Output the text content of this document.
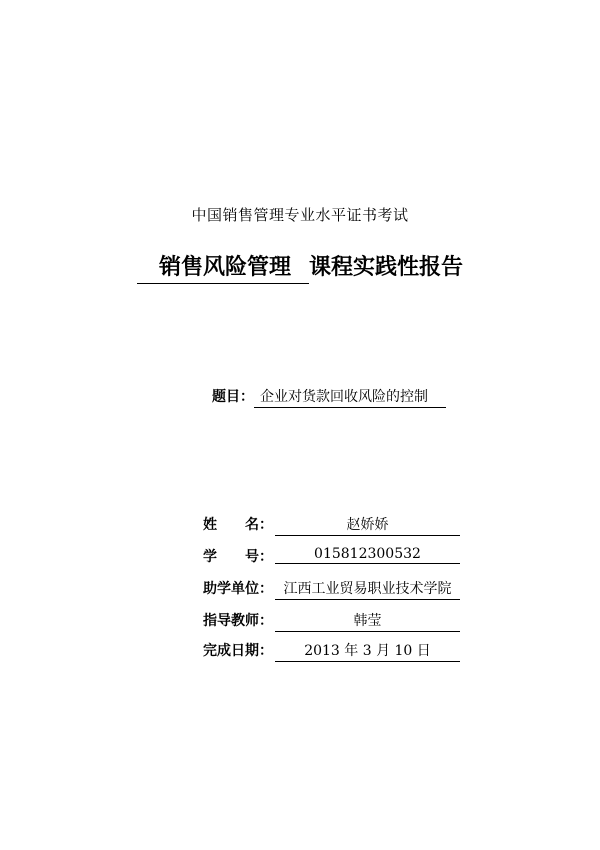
中国销售管理专业水平证书考试
销售风险管理 课程实践性报告
题目： 企业对货款回收风险的控制
姓 名：	赵娇娇
学 号：	015812300532
助学单位： 江西工业贸易职业技术学院
指导教师：	韩莹
完成日期：	2013 年 3 月 10 日
